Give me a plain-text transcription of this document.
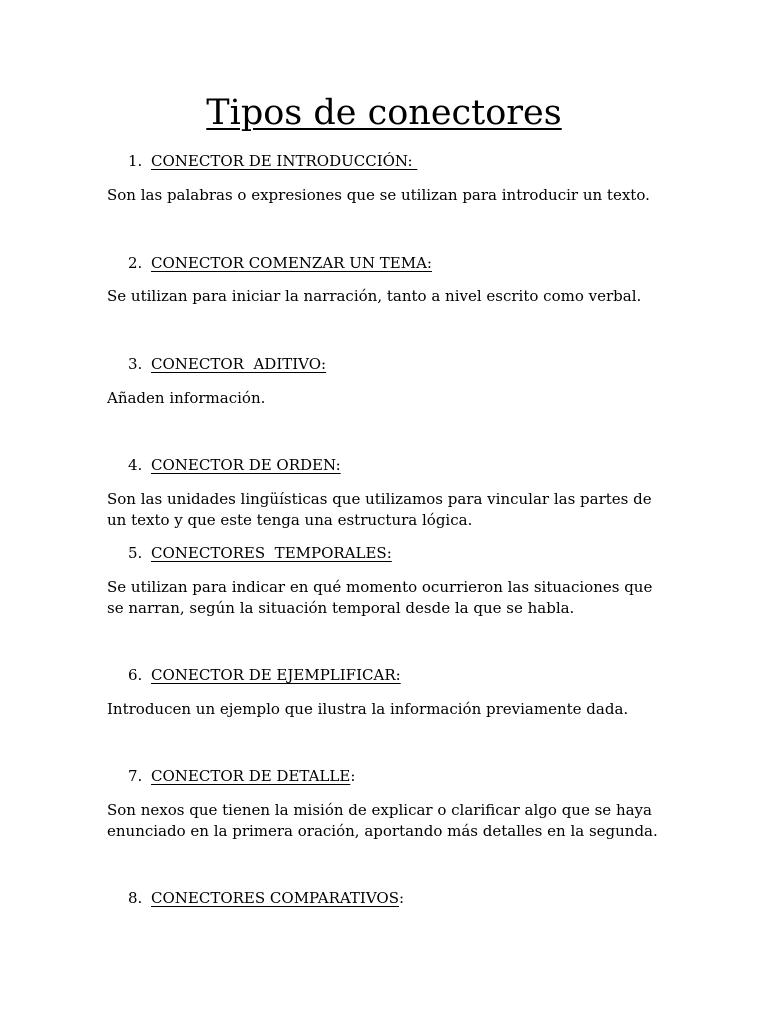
Tipos de conectores
1. CONECTOR DE INTRODUCCIÓN:

Son las palabras o expresiones que se utilizan para introducir un texto.

2. CONECTOR COMENZAR UN TEMA:

Se utilizan para iniciar la narración, tanto a nivel escrito como verbal.

3. CONECTOR  ADITIVO:

Añaden información.

4. CONECTOR DE ORDEN:

Son las unidades lingüísticas que utilizamos para vincular las partes de un texto y que este tenga una estructura lógica.

5. CONECTORES  TEMPORALES:

Se utilizan para indicar en qué momento ocurrieron las situaciones que se narran, según la situación temporal desde la que se habla.

6. CONECTOR DE EJEMPLIFICAR:

Introducen un ejemplo que ilustra la información previamente dada.

7. CONECTOR DE DETALLE:

Son nexos que tienen la misión de explicar o clarificar algo que se haya enunciado en la primera oración, aportando más detalles en la segunda.

8. CONECTORES COMPARATIVOS:
